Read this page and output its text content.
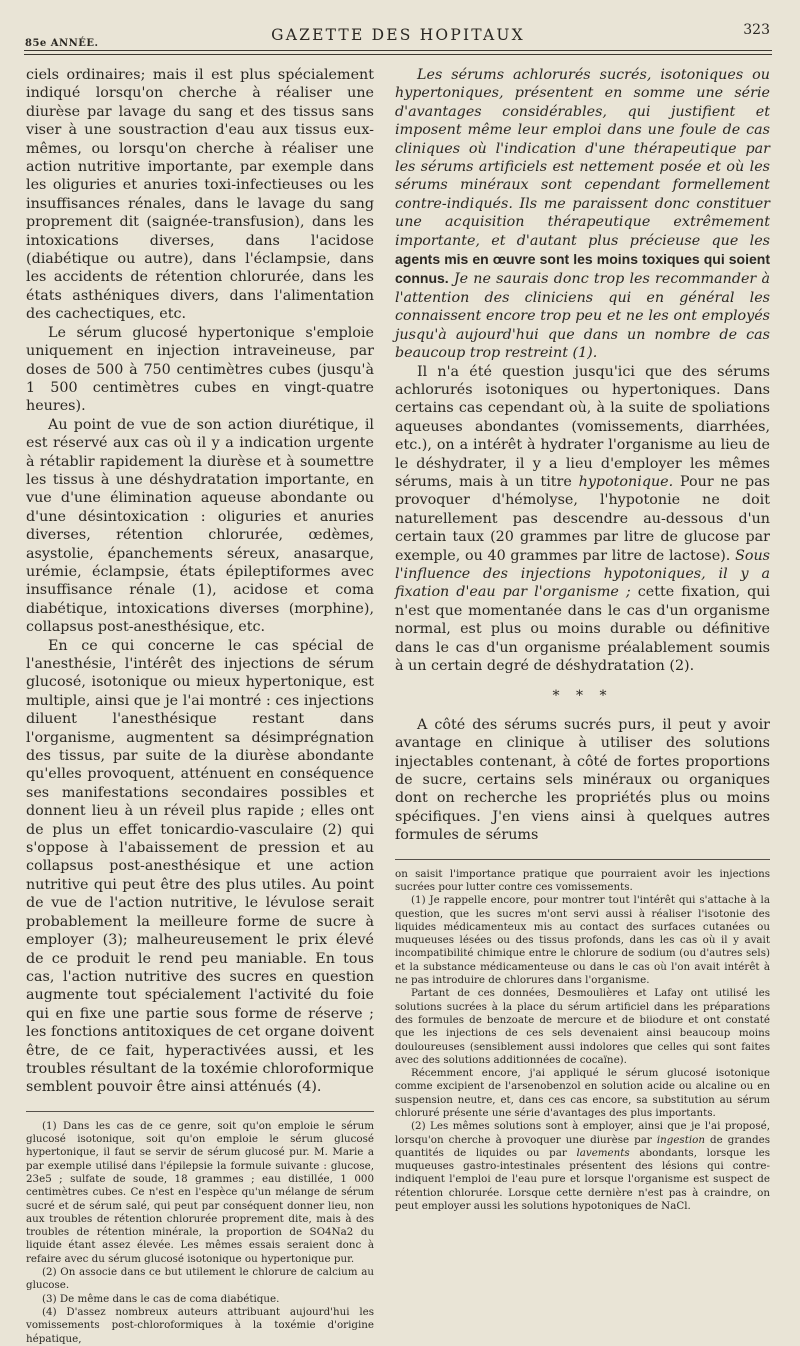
85e ANNÉE.	GAZETTE DES HOPITAUX	323

ciels ordinaires; mais il est plus spécialement indiqué lorsqu'on cherche à réaliser une diurèse par lavage du sang et des tissus sans viser à une soustraction d'eau aux tissus eux-mêmes, ou lorsqu'on cherche à réaliser une action nutritive importante, par exemple dans les oliguries et anuries toxi-infectieuses ou les insuffisances rénales, dans le lavage du sang proprement dit (saignée-transfusion), dans les intoxications diverses, dans l'acidose (diabétique ou autre), dans l'éclampsie, dans les accidents de rétention chlorurée, dans les états asthéniques divers, dans l'alimentation des cachectiques, etc.

Le sérum glucosé hypertonique s'emploie uniquement en injection intraveineuse, par doses de 500 à 750 centimètres cubes (jusqu'à 1 500 centimètres cubes en vingt-quatre heures).

Au point de vue de son action diurétique, il est réservé aux cas où il y a indication urgente à rétablir rapidement la diurèse et à soumettre les tissus à une déshydratation importante, en vue d'une élimination aqueuse abondante ou d'une désintoxication : oliguries et anuries diverses, rétention chlorurée, œdèmes, asystolie, épanchements séreux, anasarque, urémie, éclampsie, états épileptiformes avec insuffisance rénale (1), acidose et coma diabétique, intoxications diverses (morphine), collapsus post-anesthésique, etc.

En ce qui concerne le cas spécial de l'anesthésie, l'intérêt des injections de sérum glucosé, isotonique ou mieux hypertonique, est multiple, ainsi que je l'ai montré : ces injections diluent l'anesthésique restant dans l'organisme, augmentent sa désimprégnation des tissus, par suite de la diurèse abondante qu'elles provoquent, atténuent en conséquence ses manifestations secondaires possibles et donnent lieu à un réveil plus rapide ; elles ont de plus un effet tonicardio-vasculaire (2) qui s'oppose à l'abaissement de pression et au collapsus post-anesthésique et une action nutritive qui peut être des plus utiles. Au point de vue de l'action nutritive, le lévulose serait probablement la meilleure forme de sucre à employer (3); malheureusement le prix élevé de ce produit le rend peu maniable. En tous cas, l'action nutritive des sucres en question augmente tout spécialement l'activité du foie qui en fixe une partie sous forme de réserve ; les fonctions antitoxiques de cet organe doivent être, de ce fait, hyperactivées aussi, et les troubles résultant de la toxémie chloroformique semblent pouvoir être ainsi atténués (4).

(1) Dans les cas de ce genre, soit qu'on emploie le sérum glucosé isotonique, soit qu'on emploie le sérum glucosé hypertonique, il faut se servir de sérum glucosé pur. M. Marie a par exemple utilisé dans l'épilepsie la formule suivante : glucose, 23e5 ; sulfate de soude, 18 grammes ; eau distillée, 1 000 centimètres cubes. Ce n'est en l'espèce qu'un mélange de sérum sucré et de sérum salé, qui peut par conséquent donner lieu, non aux troubles de rétention chlorurée proprement dite, mais à des troubles de rétention minérale, la proportion de SO4Na2 du liquide étant assez élevée. Les mêmes essais seraient donc à refaire avec du sérum glucosé isotonique ou hypertonique pur.

(2) On associe dans ce but utilement le chlorure de calcium au glucose.

(3) De même dans le cas de coma diabétique.

(4) D'assez nombreux auteurs attribuant aujourd'hui les vomissements post-chloroformiques à la toxémie d'origine hépatique,

Les sérums achlorurés sucrés, isotoniques ou hypertoniques, présentent en somme une série d'avantages considérables, qui justifient et imposent même leur emploi dans une foule de cas cliniques où l'indication d'une thérapeutique par les sérums artificiels est nettement posée et où les sérums minéraux sont cependant formellement contre-indiqués. Ils me paraissent donc constituer une acquisition thérapeutique extrêmement importante, et d'autant plus précieuse que les agents mis en œuvre sont les moins toxiques qui soient connus. Je ne saurais donc trop les recommander à l'attention des cliniciens qui en général les connaissent encore trop peu et ne les ont employés jusqu'à aujourd'hui que dans un nombre de cas beaucoup trop restreint (1).

Il n'a été question jusqu'ici que des sérums achlorurés isotoniques ou hypertoniques. Dans certains cas cependant où, à la suite de spoliations aqueuses abondantes (vomissements, diarrhées, etc.), on a intérêt à hydrater l'organisme au lieu de le déshydrater, il y a lieu d'employer les mêmes sérums, mais à un titre hypotonique. Pour ne pas provoquer d'hémolyse, l'hypotonie ne doit naturellement pas descendre au-dessous d'un certain taux (20 grammes par litre de glucose par exemple, ou 40 grammes par litre de lactose). Sous l'influence des injections hypotoniques, il y a fixation d'eau par l'organisme ; cette fixation, qui n'est que momentanée dans le cas d'un organisme normal, est plus ou moins durable ou définitive dans le cas d'un organisme préalablement soumis à un certain degré de déshydratation (2).

* * *

A côté des sérums sucrés purs, il peut y avoir avantage en clinique à utiliser des solutions injectables contenant, à côté de fortes proportions de sucre, certains sels minéraux ou organiques dont on recherche les propriétés plus ou moins spécifiques. J'en viens ainsi à quelques autres formules de sérums

on saisit l'importance pratique que pourraient avoir les injections sucrées pour lutter contre ces vomissements.

(1) Je rappelle encore, pour montrer tout l'intérêt qui s'attache à la question, que les sucres m'ont servi aussi à réaliser l'isotonie des liquides médicamenteux mis au contact des surfaces cutanées ou muqueuses lésées ou des tissus profonds, dans les cas où il y avait incompatibilité chimique entre le chlorure de sodium (ou d'autres sels) et la substance médicamenteuse ou dans le cas où l'on avait intérêt à ne pas introduire de chlorures dans l'organisme.

Partant de ces données, Desmoulières et Lafay ont utilisé les solutions sucrées à la place du sérum artificiel dans les préparations des formules de benzoate de mercure et de biiodure et ont constaté que les injections de ces sels devenaient ainsi beaucoup moins douloureuses (sensiblement aussi indolores que celles qui sont faites avec des solutions additionnées de cocaïne).

Récemment encore, j'ai appliqué le sérum glucosé isotonique comme excipient de l'arsenobenzol en solution acide ou alcaline ou en suspension neutre, et, dans ces cas encore, sa substitution au sérum chloruré présente une série d'avantages des plus importants.

(2) Les mêmes solutions sont à employer, ainsi que je l'ai proposé, lorsqu'on cherche à provoquer une diurèse par ingestion de grandes quantités de liquides ou par lavements abondants, lorsque les muqueuses gastro-intestinales présentent des lésions qui contre-indiquent l'emploi de l'eau pure et lorsque l'organisme est suspect de rétention chlorurée. Lorsque cette dernière n'est pas à craindre, on peut employer aussi les solutions hypotoniques de NaCl.
